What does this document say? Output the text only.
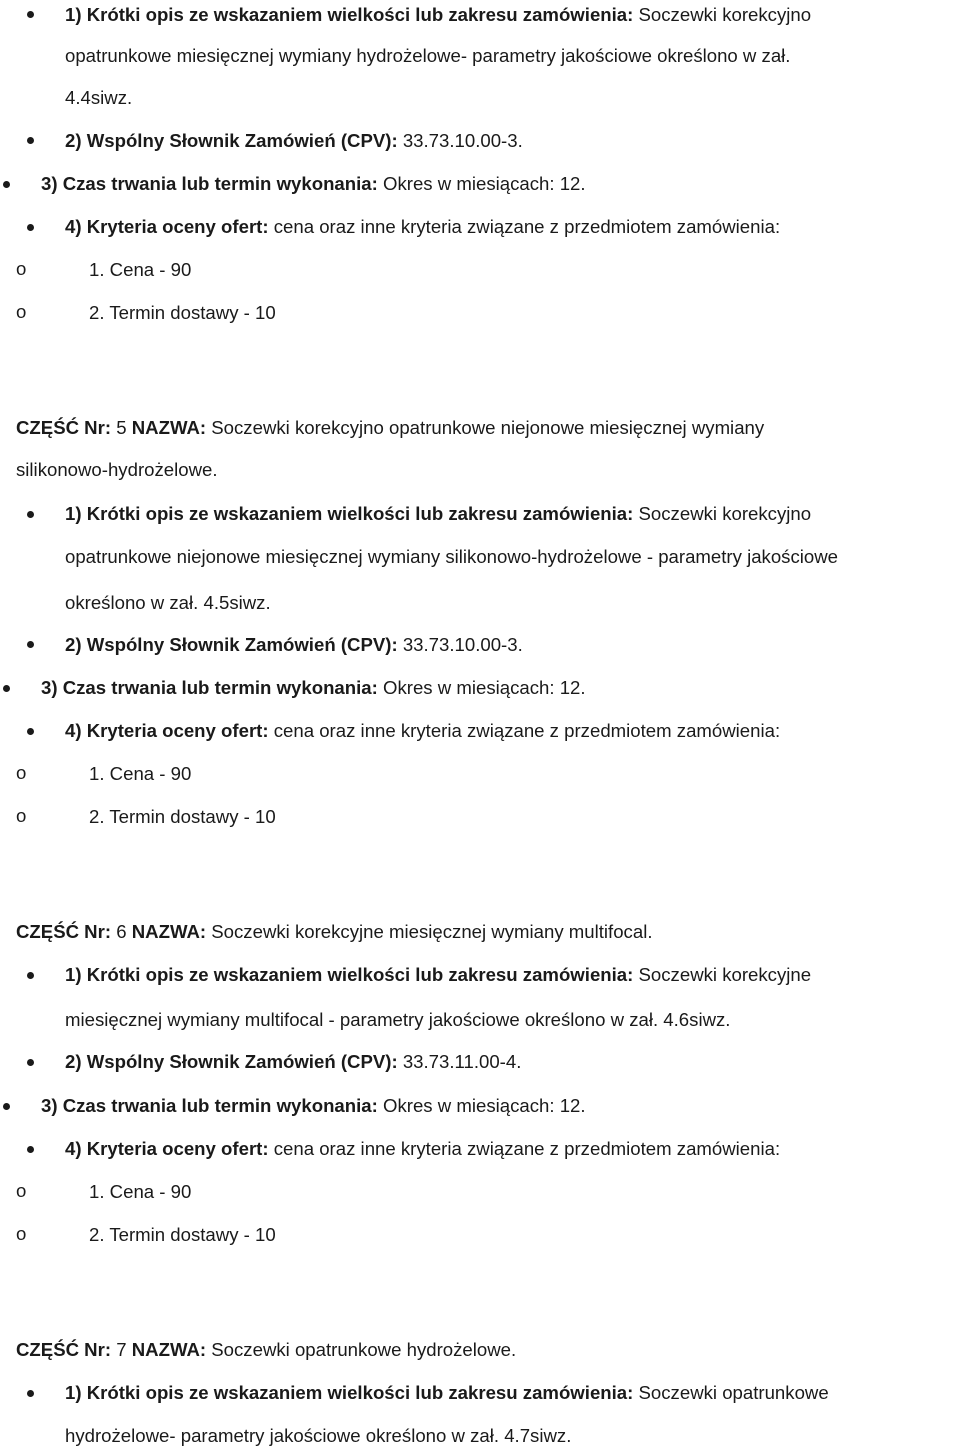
1) Krótki opis ze wskazaniem wielkości lub zakresu zamówienia: Soczewki korekcyjno
opatrunkowe miesięcznej wymiany hydrożelowe- parametry jakościowe określono w zał.
4.4siwz.
2) Wspólny Słownik Zamówień (CPV): 33.73.10.00-3.
3) Czas trwania lub termin wykonania: Okres w miesiącach: 12.
4) Kryteria oceny ofert: cena oraz inne kryteria związane z przedmiotem zamówienia:
o	1. Cena - 90
o	2. Termin dostawy - 10
CZĘŚĆ Nr: 5 NAZWA: Soczewki korekcyjno opatrunkowe niejonowe miesięcznej wymiany
silikonowo-hydrożelowe.
1) Krótki opis ze wskazaniem wielkości lub zakresu zamówienia: Soczewki korekcyjno
opatrunkowe niejonowe miesięcznej wymiany silikonowo-hydrożelowe - parametry jakościowe
określono w zał. 4.5siwz.
2) Wspólny Słownik Zamówień (CPV): 33.73.10.00-3.
3) Czas trwania lub termin wykonania: Okres w miesiącach: 12.
4) Kryteria oceny ofert: cena oraz inne kryteria związane z przedmiotem zamówienia:
o	1. Cena - 90
o	2. Termin dostawy - 10
CZĘŚĆ Nr: 6 NAZWA: Soczewki korekcyjne miesięcznej wymiany multifocal.
1) Krótki opis ze wskazaniem wielkości lub zakresu zamówienia: Soczewki korekcyjne
miesięcznej wymiany multifocal - parametry jakościowe określono w zał. 4.6siwz.
2) Wspólny Słownik Zamówień (CPV): 33.73.11.00-4.
3) Czas trwania lub termin wykonania: Okres w miesiącach: 12.
4) Kryteria oceny ofert: cena oraz inne kryteria związane z przedmiotem zamówienia:
o	1. Cena - 90
o	2. Termin dostawy - 10
CZĘŚĆ Nr: 7 NAZWA: Soczewki opatrunkowe hydrożelowe.
1) Krótki opis ze wskazaniem wielkości lub zakresu zamówienia: Soczewki opatrunkowe
hydrożelowe- parametry jakościowe określono w zał. 4.7siwz.
